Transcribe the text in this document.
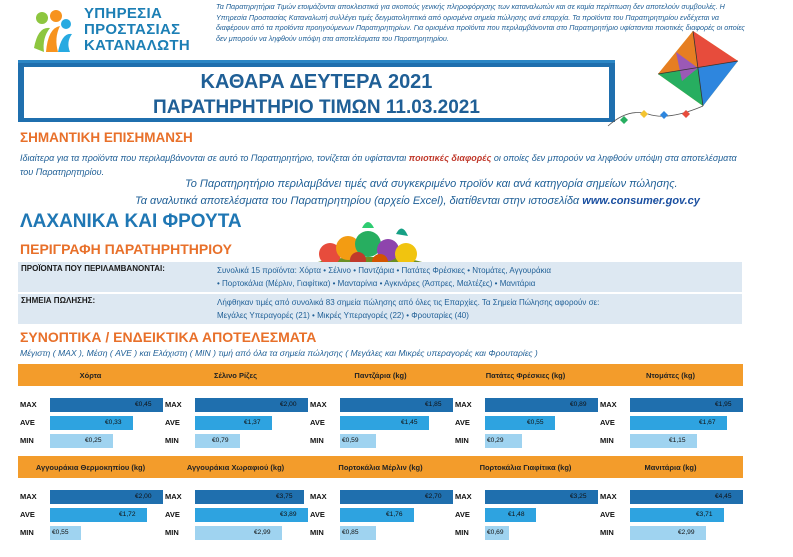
ΥΠΗΡΕΣΙΑ
ΠΡΟΣΤΑΣΙΑΣ
ΚΑΤΑΝΑΛΩΤΗ
Τα Παρατηρητήρια Τιμών ετοιμάζονται αποκλειστικά για σκοπούς γενικής πληροφόρησης των καταναλωτών και σε καμία περίπτωση δεν αποτελούν συμβουλές. Η Υπηρεσία Προστασίας Καταναλωτή συλλέγει τιμές δειγματοληπτικά από ορισμένα σημεία πώλησης ανά επαρχία. Τα προϊόντα του Παρατηρητηρίου ενδέχεται να διαφέρουν από τα προϊόντα προηγούμενων Παρατηρητηρίων. Για ορισμένα προϊόντα που περιλαμβάνονται στο Παρατηρητήριο υφίστανται ποιοτικές διαφορές οι οποίες δεν μπορούν να ληφθούν υπόψη στα αποτελέσματα του Παρατηρητηρίου.
ΚΑΘΑΡΑ ΔΕΥΤΕΡΑ 2021
ΠΑΡΑΤΗΡΗΤΗΡΙΟ ΤΙΜΩΝ 11.03.2021
ΣΗΜΑΝΤΙΚΗ ΕΠΙΣΗΜΑΝΣΗ
Ιδιαίτερα για τα προϊόντα που περιλαμβάνονται σε αυτό το Παρατηρητήριο, τονίζεται ότι υφίστανται ποιοτικές διαφορές οι οποίες δεν μπορούν να ληφθούν υπόψη στα αποτελέσματα του Παρατηρητηρίου.
Το Παρατηρητήριο περιλαμβάνει τιμές ανά συγκεκριμένο προϊόν και ανά κατηγορία σημείων πώλησης.
Τα αναλυτικά αποτελέσματα του Παρατηρητηρίου (αρχείο Excel), διατίθενται στην ιστοσελίδα www.consumer.gov.cy
ΛΑΧΑΝΙΚΑ ΚΑΙ ΦΡΟΥΤΑ
ΠΕΡΙΓΡΑΦΗ ΠΑΡΑΤΗΡΗΤΗΡΙΟΥ
ΠΡΟΪΟΝΤΑ ΠΟΥ ΠΕΡΙΛΑΜΒΑΝΟΝΤΑΙ:	Συνολικά 15 προϊόντα: Χόρτα • Σέλινο • Παντζάρια • Πατάτες Φρέσκιες • Ντομάτες, Αγγουράκια
• Πορτοκάλια (Μέρλιν, Γιαφίτικα) • Μανταρίνια • Αγκινάρες (Άσπρες, Μαλτέζες) • Μανιτάρια
ΣΗΜΕΙΑ ΠΩΛΗΣΗΣ:	Λήφθηκαν τιμές από συνολικά 83 σημεία πώλησης από όλες τις Επαρχίες. Τα Σημεία Πώλησης αφορούν σε:
Μεγάλες Υπεραγορές (21) • Μικρές Υπεραγορές (22) • Φρουταρίες (40)
ΣΥΝΟΠΤΙΚΑ / ΕΝΔΕΙΚΤΙΚΑ ΑΠΟΤΕΛΕΣΜΑΤΑ
Μέγιστη ( MAX ), Μέση ( AVE ) και Ελάχιστη ( MIN ) τιμή από όλα τα σημεία πώλησης ( Μεγάλες και Μικρές υπεραγορές και Φρουταρίες )
Χόρτα
MAX	€0,45
AVE	€0,33
MIN	€0,25
Σέλινο Ρίζες
MAX	€2,00
AVE	€1,37
MIN	€0,79
Παντζάρια (kg)
MAX	€1,85
AVE	€1,45
MIN	€0,59
Πατάτες Φρέσκιες (kg)
MAX	€0,89
AVE	€0,55
MIN	€0,29
Ντομάτες (kg)
MAX	€1,95
AVE	€1,67
MIN	€1,15
Αγγουράκια Θερμοκηπίου (kg)
MAX	€2,00
AVE	€1,72
MIN	€0,55
Αγγουράκια Χωραφιού (kg)
MAX	€3,75
AVE	€3,89
MIN	€2,99
Πορτοκάλια Μέρλιν (kg)
MAX	€2,70
AVE	€1,76
MIN	€0,85
Πορτοκάλια Γιαφίτικα (kg)
MAX	€3,25
AVE	€1,48
MIN	€0,69
Μανιτάρια (kg)
MAX	€4,45
AVE	€3,71
MIN	€2,99
